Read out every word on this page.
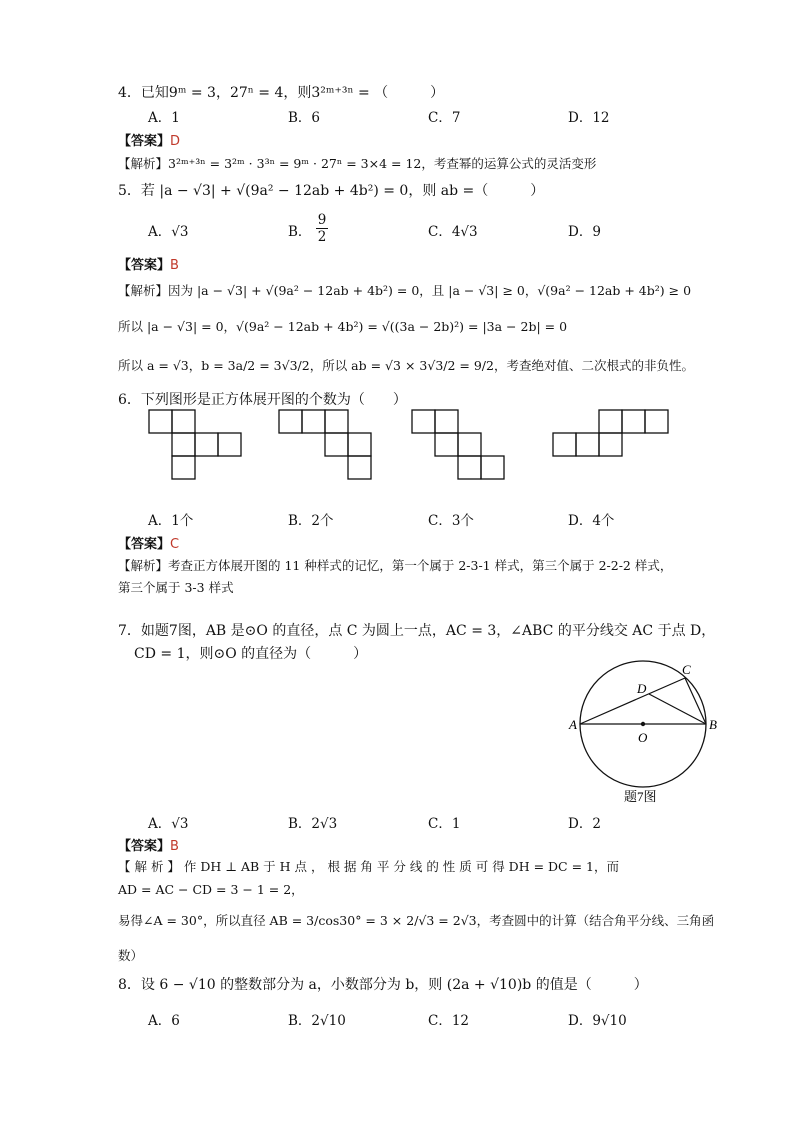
4．已知9ᵐ = 3，27ⁿ = 4，则3²ᵐ⁺³ⁿ = （　　　）
A．1	B．6	C．7	D．12
【答案】D
【解析】3²ᵐ⁺³ⁿ = 3²ᵐ · 3³ⁿ = 9ᵐ · 27ⁿ = 3×4 = 12，考查幂的运算公式的灵活变形
5．若 |a − √3| + √(9a² − 12ab + 4b²) = 0，则 ab =（　　　）
A．√3	B． $\frac{9}{2}$	C．4√3	D．9
【答案】B
【解析】因为 |a − √3| + √(9a² − 12ab + 4b²) = 0，且 |a − √3| ≥ 0，√(9a² − 12ab + 4b²) ≥ 0
所以 |a − √3| = 0，√(9a² − 12ab + 4b²) = √((3a − 2b)²) = |3a − 2b| = 0
所以 a = √3，b = 3a/2 = 3√3/2，所以 ab = √3 × 3√3/2 = 9/2，考查绝对值、二次根式的非负性。
6．下列图形是正方体展开图的个数为（　　）
A．1个	B．2个	C．3个	D．4个
【答案】C
【解析】考查正方体展开图的 11 种样式的记忆，第一个属于 2-3-1 样式，第三个属于 2-2-2 样式，
第三个属于 3-3 样式
7．如题7图，AB 是⊙O 的直径，点 C 为圆上一点，AC = 3，∠ABC 的平分线交 AC 于点 D，
CD = 1，则⊙O 的直径为（　　　）
A	B
C
D
O
题7图
A．√3	B．2√3	C．1	D．2
【答案】B
【 解 析 】 作 DH ⊥ AB 于 H 点 ， 根 据 角 平 分 线 的 性 质 可 得 DH = DC = 1，而
AD = AC − CD = 3 − 1 = 2，
易得∠A = 30°，所以直径 AB = 3/cos30° = 3 × 2/√3 = 2√3，考查圆中的计算（结合角平分线、三角函
数）
8．设 6 − √10 的整数部分为 a，小数部分为 b，则 (2a + √10)b 的值是（　　　）
A．6	B．2√10	C．12	D．9√10
